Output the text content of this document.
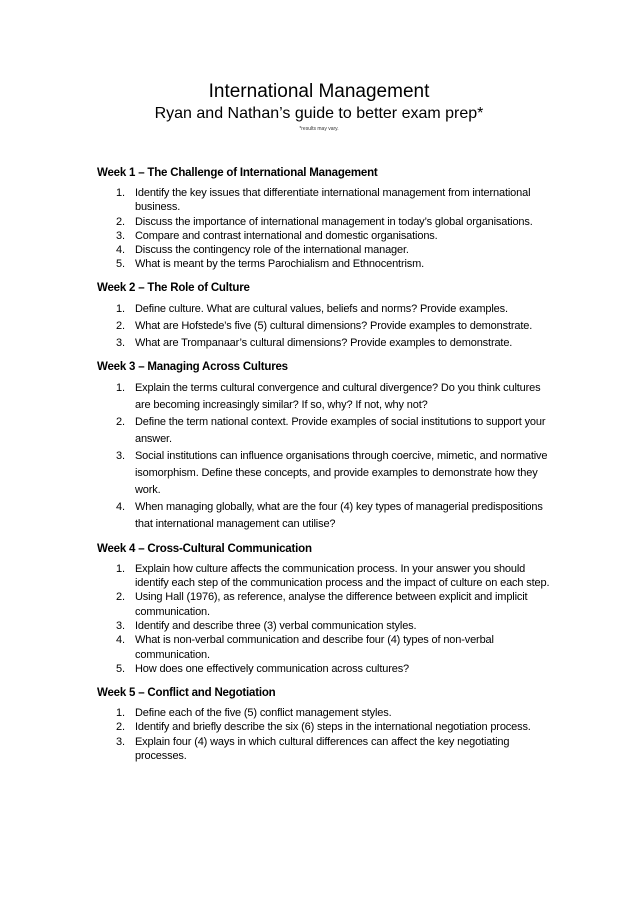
International Management
Ryan and Nathan’s guide to better exam prep*
*results may vary.

Week 1 – The Challenge of International Management

1. Identify the key issues that differentiate international management from international business.
2. Discuss the importance of international management in today’s global organisations.
3. Compare and contrast international and domestic organisations.
4. Discuss the contingency role of the international manager.
5. What is meant by the terms Parochialism and Ethnocentrism.

Week 2 – The Role of Culture

1. Define culture. What are cultural values, beliefs and norms? Provide examples.
2. What are Hofstede’s five (5) cultural dimensions? Provide examples to demonstrate.
3. What are Trompanaar’s cultural dimensions? Provide examples to demonstrate.

Week 3 – Managing Across Cultures

1. Explain the terms cultural convergence and cultural divergence? Do you think cultures are becoming increasingly similar? If so, why? If not, why not?
2. Define the term national context. Provide examples of social institutions to support your answer.
3. Social institutions can influence organisations through coercive, mimetic, and normative isomorphism. Define these concepts, and provide examples to demonstrate how they work.
4. When managing globally, what are the four (4) key types of managerial predispositions that international management can utilise?

Week 4 – Cross-Cultural Communication

1. Explain how culture affects the communication process. In your answer you should identify each step of the communication process and the impact of culture on each step.
2. Using Hall (1976), as reference, analyse the difference between explicit and implicit communication.
3. Identify and describe three (3) verbal communication styles.
4. What is non-verbal communication and describe four (4) types of non-verbal communication.
5. How does one effectively communication across cultures?

Week 5 – Conflict and Negotiation

1. Define each of the five (5) conflict management styles.
2. Identify and briefly describe the six (6) steps in the international negotiation process.
3. Explain four (4) ways in which cultural differences can affect the key negotiating processes.
